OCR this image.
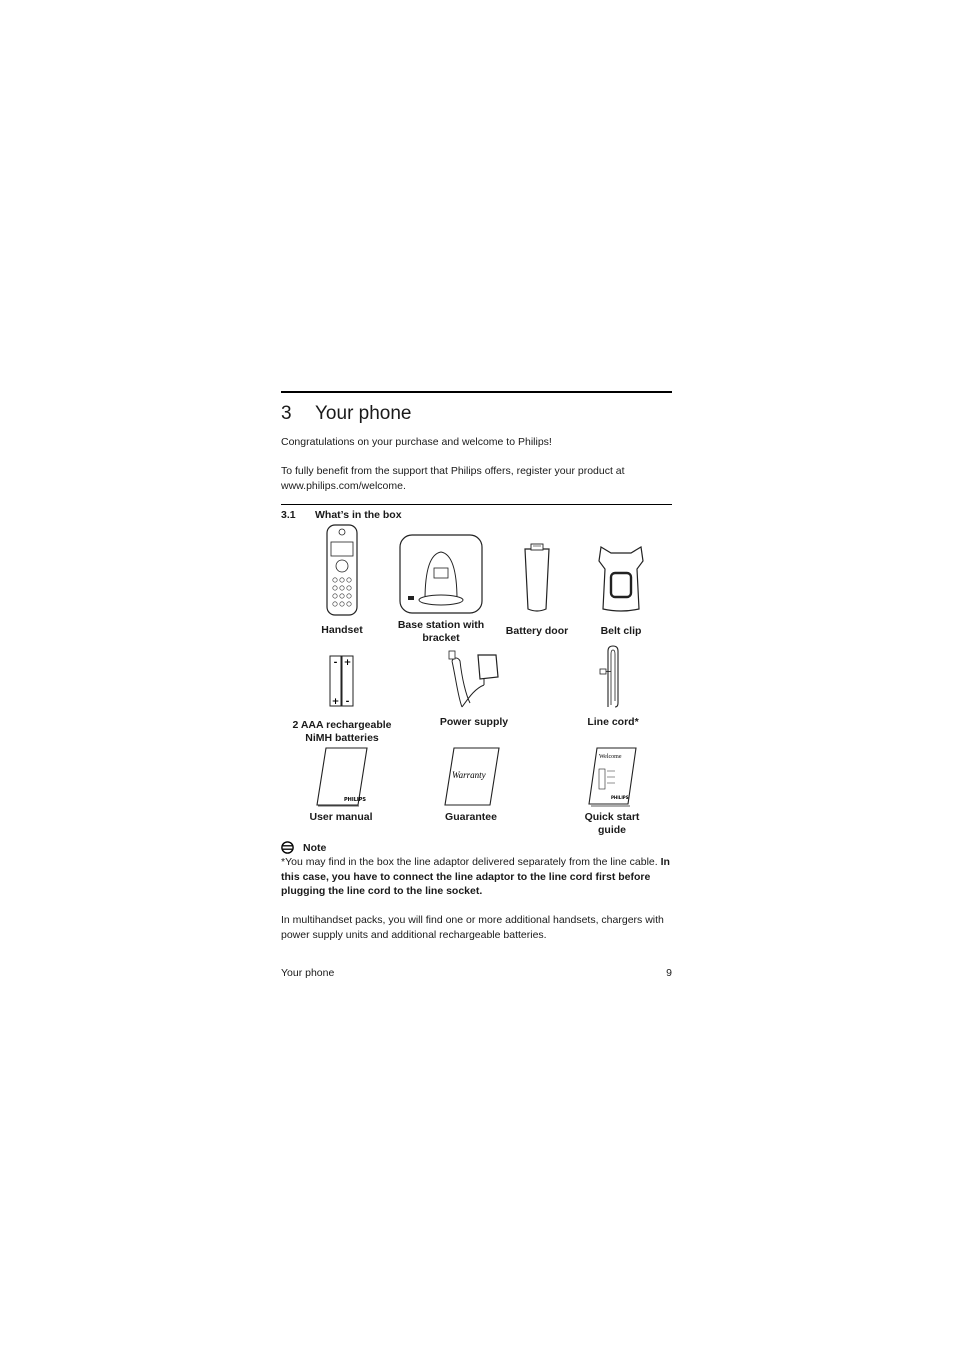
3 Your phone
Congratulations on your purchase and welcome to Philips!
To fully benefit from the support that Philips offers, register your product at www.philips.com/welcome.
3.1 What’s in the box
Handset	Base station with bracket
Battery door	Belt clip
- +
+ -
2 AAA rechargeable NiMH batteries
Power supply	Line cord*
PHILIPS
User manual
Warranty
Guarantee
Welcome
PHILIPS
Quick start guide
Note
*You may find in the box the line adaptor delivered separately from the line cable. In this case, you have to connect the line adaptor to the line cord first before plugging the line cord to the line socket.
In multihandset packs, you will find one or more additional handsets, chargers with power supply units and additional rechargeable batteries.
Your phone	9
